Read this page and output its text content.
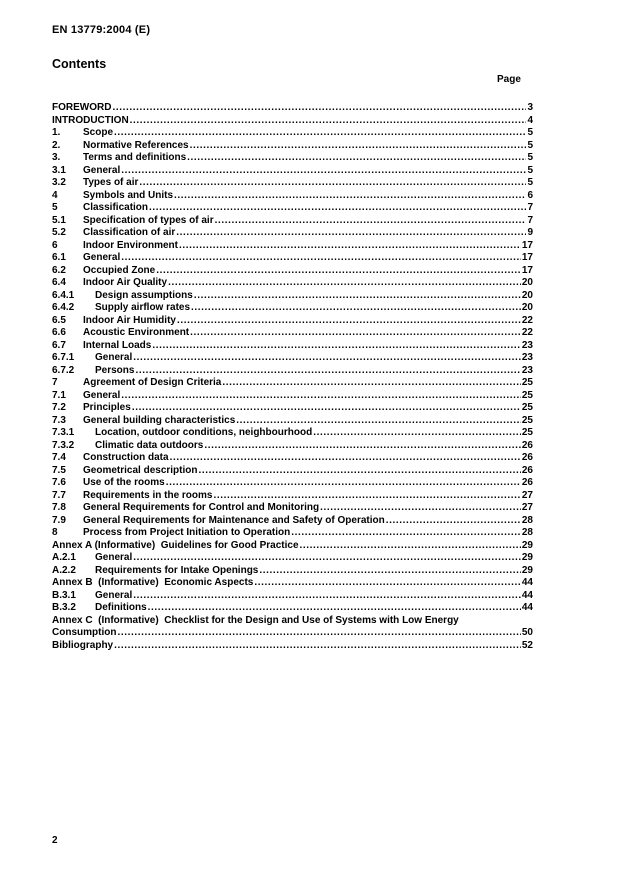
EN 13779:2004 (E)
Contents
Page
FOREWORD .....	3
INTRODUCTION .....	4
1.	Scope .....	5
2.	Normative References .....	5
3.	Terms and definitions .....	5
3.1	General .....	5
3.2	Types of air .....	5
4	Symbols and Units .....	6
5	Classification .....	7
5.1	Specification of types of air .....	7
5.2	Classification of air .....	9
6	Indoor Environment .....	17
6.1	General .....	17
6.2	Occupied Zone .....	17
6.4	Indoor Air Quality .....	20
6.4.1	Design assumptions .....	20
6.4.2	Supply airflow rates .....	20
6.5	Indoor Air Humidity .....	22
6.6	Acoustic Environment .....	22
6.7	Internal Loads .....	23
6.7.1	General .....	23
6.7.2	Persons .....	23
7	Agreement of Design Criteria .....	25
7.1	General .....	25
7.2	Principles .....	25
7.3	General building characteristics .....	25
7.3.1	Location, outdoor conditions, neighbourhood .....	25
7.3.2	Climatic data outdoors .....	26
7.4	Construction data .....	26
7.5	Geometrical description .....	26
7.6	Use of the rooms .....	26
7.7	Requirements in the rooms .....	27
7.8	General Requirements for Control and Monitoring .....	27
7.9	General Requirements for Maintenance and Safety of Operation .....	28
8	Process from Project Initiation to Operation .....	28
Annex A (Informative)  Guidelines for Good Practice .....	29
A.2.1	General .....	29
A.2.2	Requirements for Intake Openings .....	29
Annex B  (Informative)  Economic Aspects .....	44
B.3.1	General .....	44
B.3.2	Definitions .....	44
Annex C  (Informative)  Checklist for the Design and Use of Systems with Low Energy
Consumption .....	50
Bibliography .....	52
2
